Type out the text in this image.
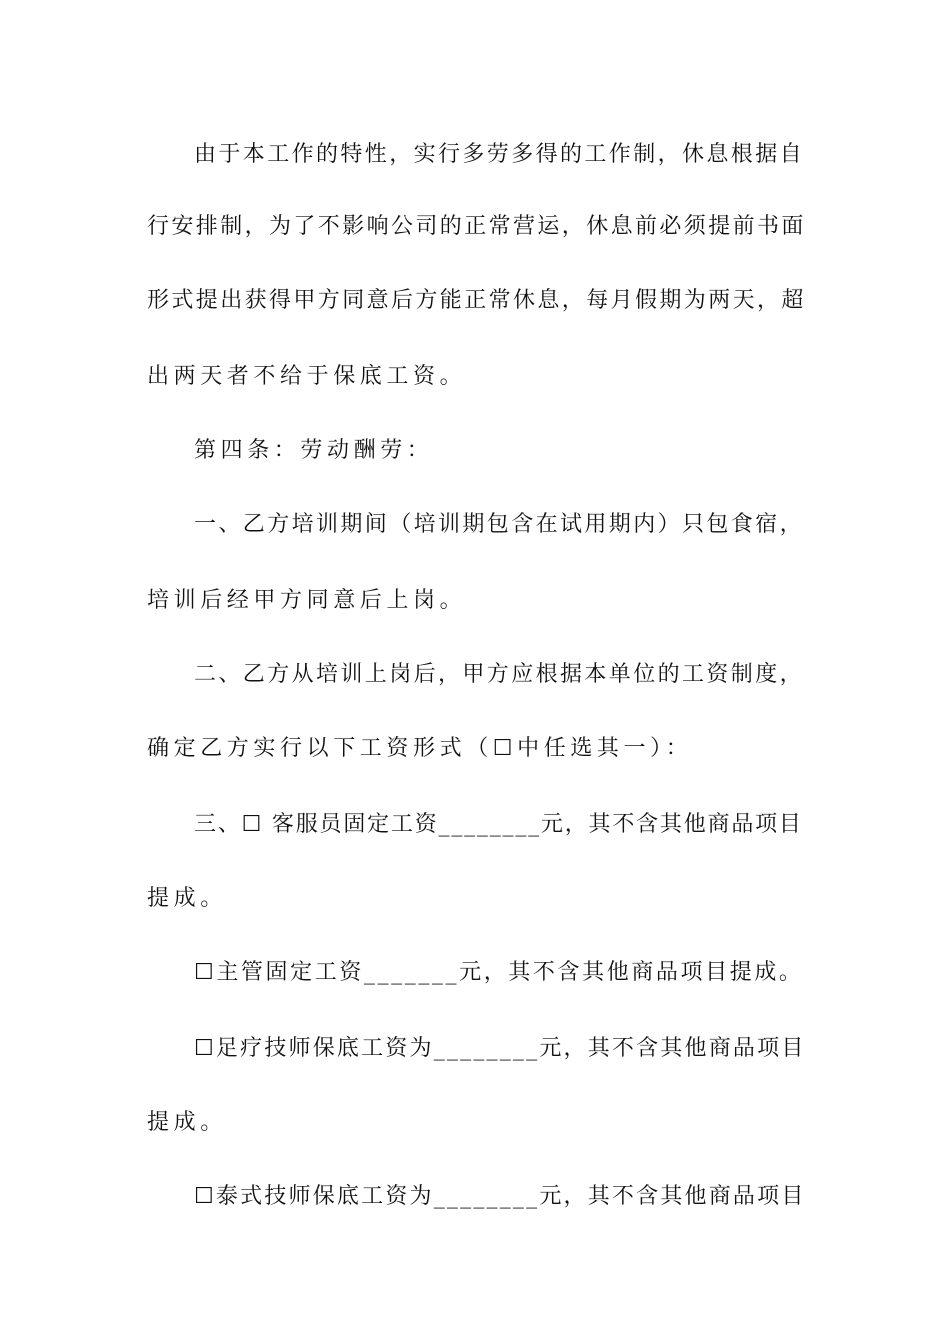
由于本工作的特性，实行多劳多得的工作制，休息根据自
行安排制，为了不影响公司的正常营运，休息前必须提前书面
形式提出获得甲方同意后方能正常休息，每月假期为两天，超
出两天者不给于保底工资。
第四条：劳动酬劳：
一、乙方培训期间（培训期包含在试用期内）只包食宿，
培训后经甲方同意后上岗。
二、乙方从培训上岗后，甲方应根据本单位的工资制度，
确定乙方实行以下工资形式（☐中任选其一）：
三、☐ 客服员固定工资________元，其不含其他商品项目
提成。
☐主管固定工资_______元，其不含其他商品项目提成。
☐足疗技师保底工资为________元，其不含其他商品项目
提成。
☐泰式技师保底工资为________元，其不含其他商品项目
